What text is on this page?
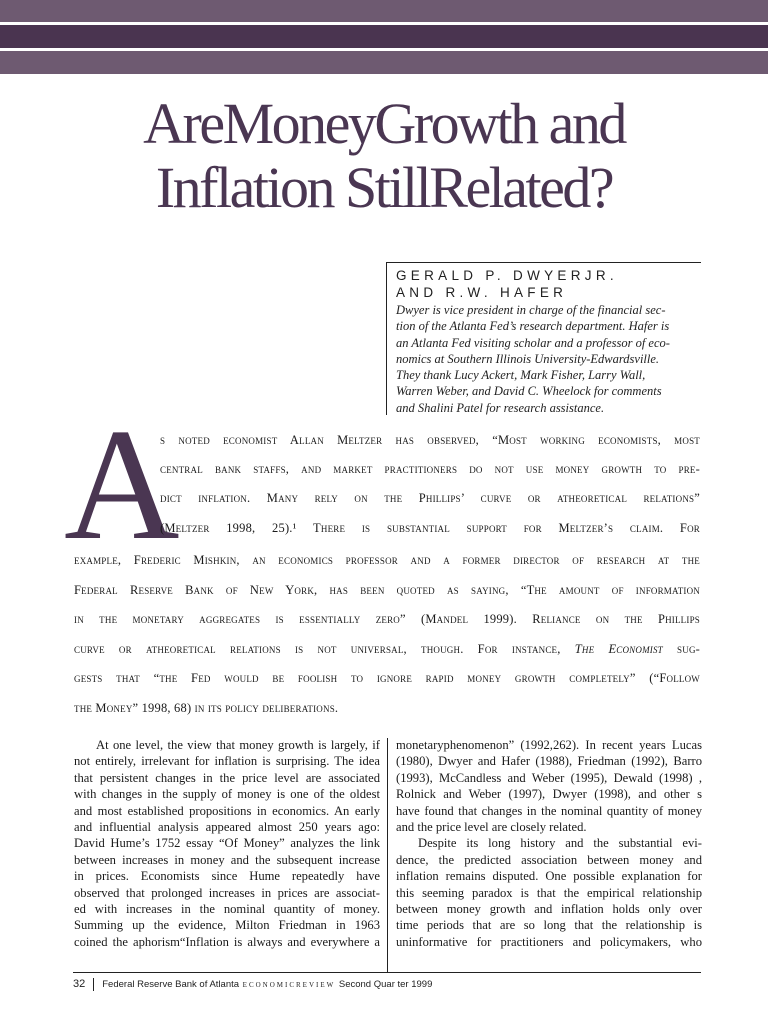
AreMoneyGrowth and
Inflation StillRelated?
GERALD P. DWYERJR.
AND R.W. HAFER
Dwyer is vice president in charge of the financial sec-
tion of the Atlanta Fed’s research department. Hafer is
an Atlanta Fed visiting scholar and a professor of eco-
nomics at Southern Illinois University-Edwardsville.
They thank Lucy Ackert, Mark Fisher, Larry Wall,
Warren Weber, and David C. Wheelock for comments
and Shalini Patel for research assistance.
A
s noted economist Allan Meltzer has observed, “Most working economists, most
central bank staffs, and market practitioners do not use money growth to pre-
dict inflation. Many rely on the Phillips’ curve or atheoretical relations”
(Meltzer 1998, 25).¹ There is substantial support for Meltzer’s claim. For
example, Frederic Mishkin, an economics professor and a former director of research at the
Federal Reserve Bank of New York, has been quoted as saying, “The amount of information
in the monetary aggregates is essentially zero” (Mandel 1999). Reliance on the Phillips
curve or atheoretical relations is not universal, though. For instance, The Economist sug-
gests that “the Fed would be foolish to ignore rapid money growth completely” (“Follow
the Money” 1998, 68) in its policy deliberations.
At one level, the view that money growth is largely, if
not entirely, irrelevant for inflation is surprising. The idea
that persistent changes in the price level are associated
with changes in the supply of money is one of the oldest
and most established propositions in economics. An early
and influential analysis appeared almost 250 years ago:
David Hume’s 1752 essay “Of Money” analyzes the link
between increases in money and the subsequent increase
in prices. Economists since Hume repeatedly have
observed that prolonged increases in prices are associat-
ed with increases in the nominal quantity of money.
Summing up the evidence, Milton Friedman in 1963
coined the aphorism“Inflation is always and everywhere a
monetaryphenomenon” (1992,262). In recent years Lucas
(1980), Dwyer and Hafer (1988), Friedman (1992), Barro
(1993), McCandless and Weber (1995), Dewald (1998) ,
Rolnick and Weber (1997), Dwyer (1998), and other s
have found that changes in the nominal quantity of money
and the price level are closely related.
Despite its long history and the substantial evi-
dence, the predicted association between money and
inflation remains disputed. One possible explanation for
this seeming paradox is that the empirical relationship
between money growth and inflation holds only over
time periods that are so long that the relationship is
uninformative for practitioners and policymakers, who
32 Federal Reserve Bank of Atlanta ECONOMICREVIEW Second Quar ter 1999
